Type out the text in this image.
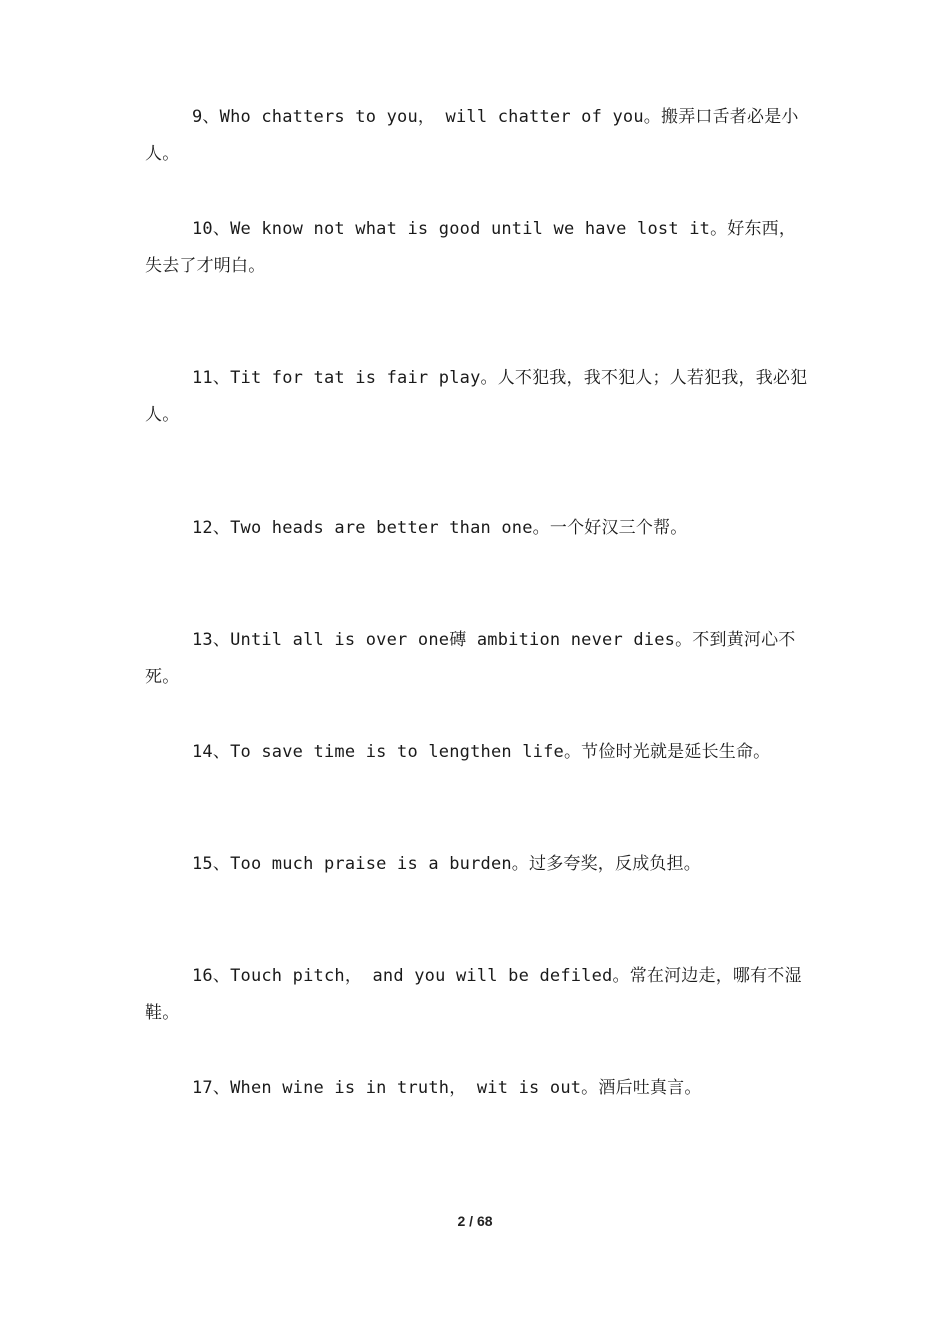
9、Who chatters to you， will chatter of you。搬弄口舌者必是小人。

10、We know not what is good until we have lost it。好东西，失去了才明白。

11、Tit for tat is fair play。人不犯我，我不犯人；人若犯我，我必犯人。

12、Two heads are better than one。一个好汉三个帮。

13、Until all is over one磚 ambition never dies。不到黄河心不死。

14、To save time is to lengthen life。节俭时光就是延长生命。

15、Too much praise is a burden。过多夸奖，反成负担。

16、Touch pitch， and you will be defiled。常在河边走，哪有不湿鞋。

17、When wine is in truth， wit is out。酒后吐真言。

2 / 68
